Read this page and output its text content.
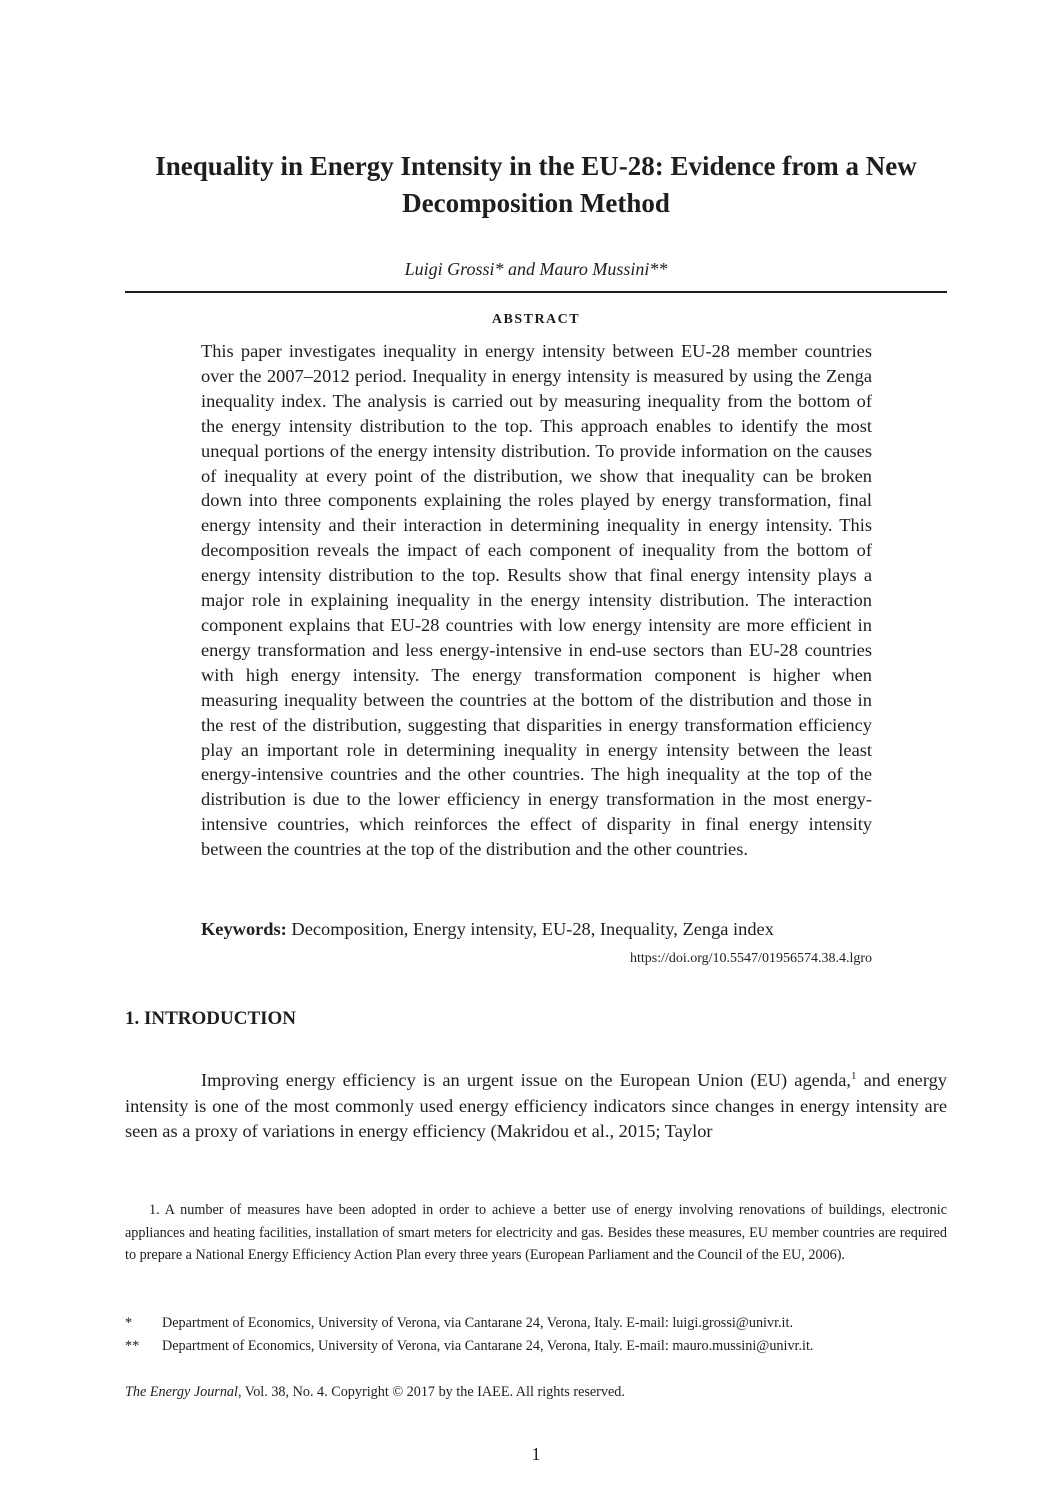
Inequality in Energy Intensity in the EU-28: Evidence from a New Decomposition Method
Luigi Grossi* and Mauro Mussini**
ABSTRACT

This paper investigates inequality in energy intensity between EU-28 member countries over the 2007–2012 period. Inequality in energy intensity is measured by using the Zenga inequality index. The analysis is carried out by measuring inequality from the bottom of the energy intensity distribution to the top. This approach enables to identify the most unequal portions of the energy intensity distribution. To provide information on the causes of inequality at every point of the distribution, we show that inequality can be broken down into three components explaining the roles played by energy transformation, final energy intensity and their interaction in determining inequality in energy intensity. This decomposition reveals the impact of each component of inequality from the bottom of energy intensity distribution to the top. Results show that final energy intensity plays a major role in explaining inequality in the energy intensity distribution. The interaction component explains that EU-28 countries with low energy intensity are more efficient in energy transformation and less energy-intensive in end-use sectors than EU-28 countries with high energy intensity. The energy transformation component is higher when measuring inequality between the countries at the bottom of the distribution and those in the rest of the distribution, suggesting that disparities in energy transformation efficiency play an important role in determining inequality in energy intensity between the least energy-intensive countries and the other countries. The high inequality at the top of the distribution is due to the lower efficiency in energy transformation in the most energy-intensive countries, which reinforces the effect of disparity in final energy intensity between the countries at the top of the distribution and the other countries.

Keywords: Decomposition, Energy intensity, EU-28, Inequality, Zenga index
https://doi.org/10.5547/01956574.38.4.lgro
1. INTRODUCTION

Improving energy efficiency is an urgent issue on the European Union (EU) agenda,$^1$ and energy intensity is one of the most commonly used energy efficiency indicators since changes in energy intensity are seen as a proxy of variations in energy efficiency (Makridou et al., 2015; Taylor

1. A number of measures have been adopted in order to achieve a better use of energy involving renovations of buildings, electronic appliances and heating facilities, installation of smart meters for electricity and gas. Besides these measures, EU member countries are required to prepare a National Energy Efficiency Action Plan every three years (European Parliament and the Council of the EU, 2006).

* Department of Economics, University of Verona, via Cantarane 24, Verona, Italy. E-mail: luigi.grossi@univr.it.
** Department of Economics, University of Verona, via Cantarane 24, Verona, Italy. E-mail: mauro.mussini@univr.it.
The Energy Journal, Vol. 38, No. 4. Copyright © 2017 by the IAEE. All rights reserved.
1
